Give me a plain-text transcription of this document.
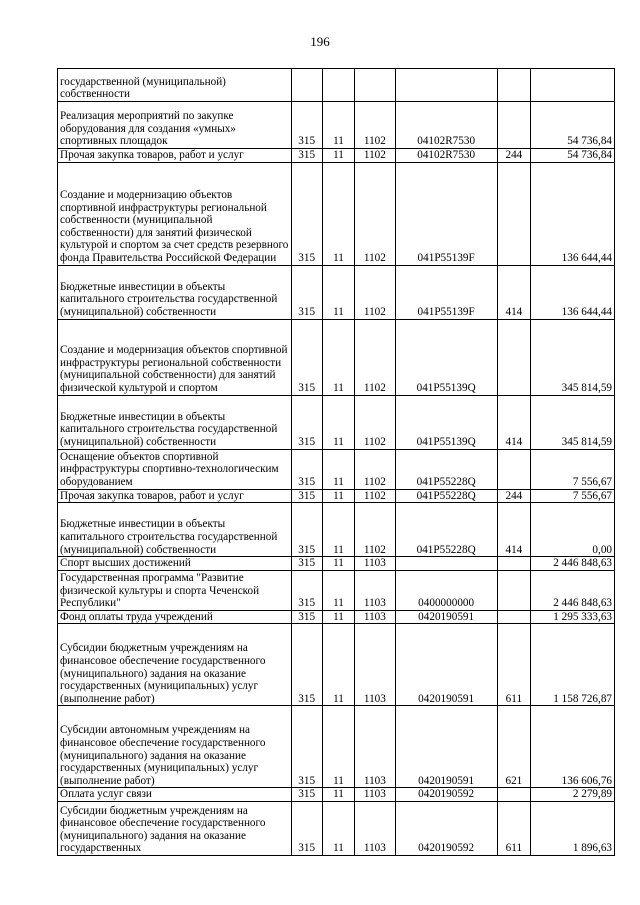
196
государственной (муниципальной) собственности						
Реализация мероприятий по закупке оборудования для создания «умных» спортивных площадок	315	11	1102	04102R7530		54 736,84
Прочая закупка товаров, работ и услуг	315	11	1102	04102R7530	244	54 736,84
Создание и модернизацию объектов спортивной инфраструктуры региональной собственности (муниципальной собственности) для занятий физической культурой и спортом за счет средств резервного фонда Правительства Российской Федерации	315	11	1102	041P55139F		136 644,44
Бюджетные инвестиции в объекты капитального строительства государственной (муниципальной) собственности	315	11	1102	041P55139F	414	136 644,44
Создание и модернизация объектов спортивной инфраструктуры региональной собственности (муниципальной собственности) для занятий физической культурой и спортом	315	11	1102	041P55139Q		345 814,59
Бюджетные инвестиции в объекты капитального строительства государственной (муниципальной) собственности	315	11	1102	041P55139Q	414	345 814,59
Оснащение объектов спортивной инфраструктуры спортивно-технологическим оборудованием	315	11	1102	041P55228Q		7 556,67
Прочая закупка товаров, работ и услуг	315	11	1102	041P55228Q	244	7 556,67
Бюджетные инвестиции в объекты капитального строительства государственной (муниципальной) собственности	315	11	1102	041P55228Q	414	0,00
Спорт высших достижений	315	11	1103			2 446 848,63
Государственная программа "Развитие физической культуры и спорта Чеченской Республики"	315	11	1103	0400000000		2 446 848,63
Фонд оплаты труда учреждений	315	11	1103	0420190591		1 295 333,63
Субсидии бюджетным учреждениям на финансовое обеспечение государственного (муниципального) задания на оказание государственных (муниципальных) услуг (выполнение работ)	315	11	1103	0420190591	611	1 158 726,87
Субсидии автономным учреждениям на финансовое обеспечение государственного (муниципального) задания на оказание государственных (муниципальных) услуг (выполнение работ)	315	11	1103	0420190591	621	136 606,76
Оплата услуг связи	315	11	1103	0420190592		2 279,89
Субсидии бюджетным учреждениям на финансовое обеспечение государственного (муниципального) задания на оказание государственных	315	11	1103	0420190592	611	1 896,63
